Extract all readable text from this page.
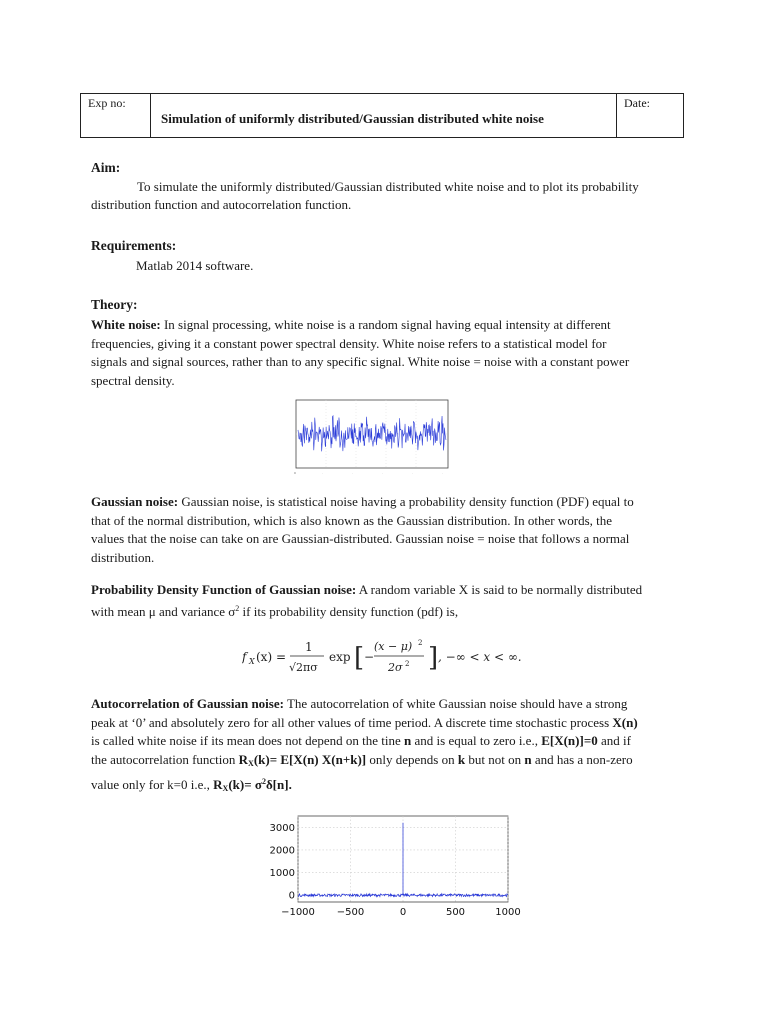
Exp no:
Simulation of uniformly distributed/Gaussian distributed white noise
Date:
Aim:
To simulate the uniformly distributed/Gaussian distributed white noise and to plot its probability

distribution function and autocorrelation function.
Requirements:
Matlab 2014 software.
Theory:
White noise: In signal processing, white noise is a random signal having equal intensity at different
frequencies, giving it a constant power spectral density. White noise refers to a statistical model for
signals and signal sources, rather than to any specific signal. White noise = noise with a constant power
spectral density.
0	·	·	·	·	·
Gaussian noise: Gaussian noise, is statistical noise having a probability density function (PDF) equal to
that of the normal distribution, which is also known as the Gaussian distribution. In other words, the
values that the noise can take on are Gaussian-distributed. Gaussian noise = noise that follows a normal
distribution.
Probability Density Function of Gaussian noise: A random variable X is said to be normally distributed
with mean μ and variance $\sigma^2$ if its probability density function (pdf) is,
f X (x) =
1
√2πσ
exp [ −
(x − μ) 2
2σ 2 ] , −∞ < x < ∞.
Autocorrelation of Gaussian noise: The autocorrelation of white Gaussian noise should have a strong
peak at ‘0’ and absolutely zero for all other values of time period. A discrete time stochastic process X(n)
is called white noise if its mean does not depend on the tine n and is equal to zero i.e., E[X(n)]=0 and if
the autocorrelation function $R_X(k)= E[X(n)$ X(n+k)] only depends on k but not on n and has a non-zero
value only for k=0 i.e., $R_X(k)= \sigma^2\delta[n]$.
3000
2000
1000
0
−1000 −500	0	500	1000
